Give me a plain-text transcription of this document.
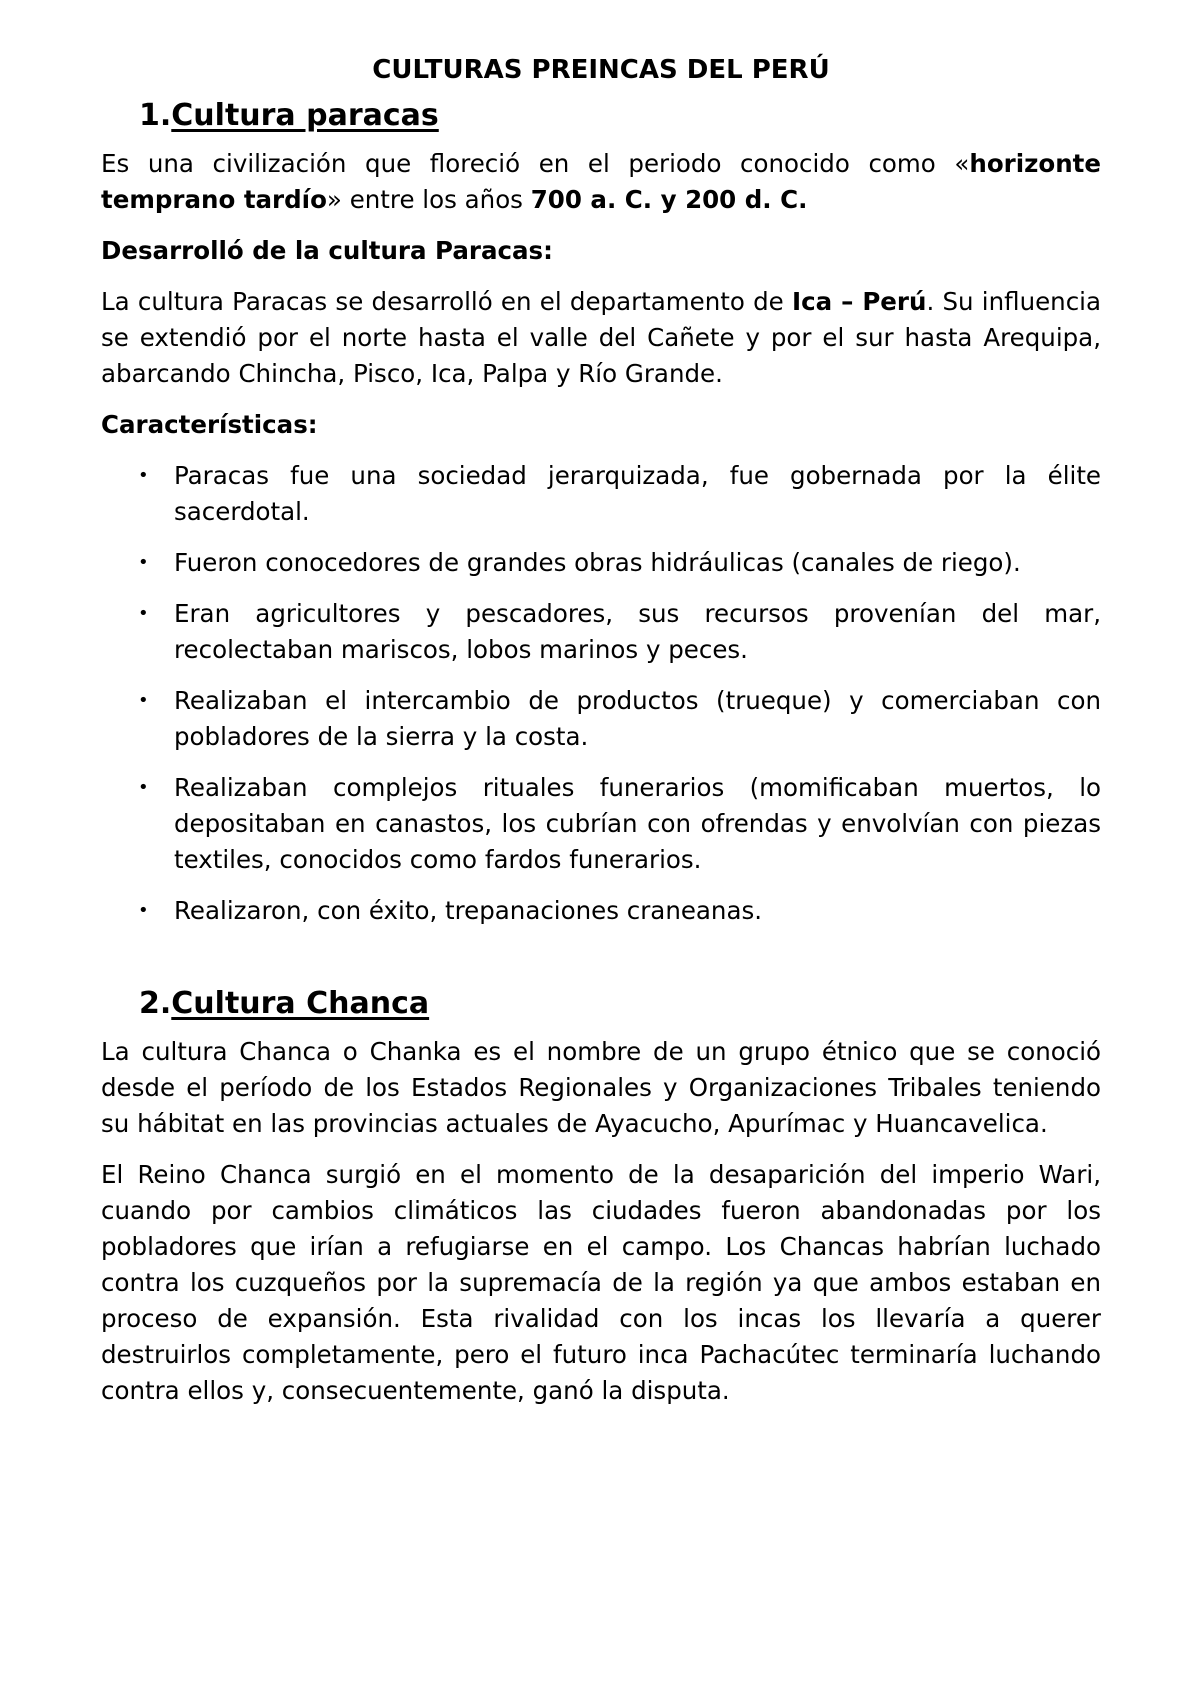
CULTURAS PREINCAS DEL PERÚ
1.Cultura paracas

Es una civilización que floreció en el periodo conocido como «horizonte temprano tardío» entre los años 700 a. C. y 200 d. C.

Desarrolló de la cultura Paracas:

La cultura Paracas se desarrolló en el departamento de Ica – Perú. Su influencia se extendió por el norte hasta el valle del Cañete y por el sur hasta Arequipa, abarcando Chincha, Pisco, Ica, Palpa y Río Grande.

Características:
• Paracas fue una sociedad jerarquizada, fue gobernada por la élite sacerdotal.
• Fueron conocedores de grandes obras hidráulicas (canales de riego).
• Eran agricultores y pescadores, sus recursos provenían del mar, recolectaban mariscos, lobos marinos y peces.
• Realizaban el intercambio de productos (trueque) y comerciaban con pobladores de la sierra y la costa.
• Realizaban complejos rituales funerarios (momificaban muertos, lo depositaban en canastos, los cubrían con ofrendas y envolvían con piezas textiles, conocidos como fardos funerarios.
• Realizaron, con éxito, trepanaciones craneanas.
2.Cultura Chanca

La cultura Chanca o Chanka es el nombre de un grupo étnico que se conoció desde el período de los Estados Regionales y Organizaciones Tribales teniendo su hábitat en las provincias actuales de Ayacucho, Apurímac y Huancavelica.

El Reino Chanca surgió en el momento de la desaparición del imperio Wari, cuando por cambios climáticos las ciudades fueron abandonadas por los pobladores que irían a refugiarse en el campo. Los Chancas habrían luchado contra los cuzqueños por la supremacía de la región ya que ambos estaban en proceso de expansión. Esta rivalidad con los incas los llevaría a querer destruirlos completamente, pero el futuro inca Pachacútec terminaría luchando contra ellos y, consecuentemente, ganó la disputa.
